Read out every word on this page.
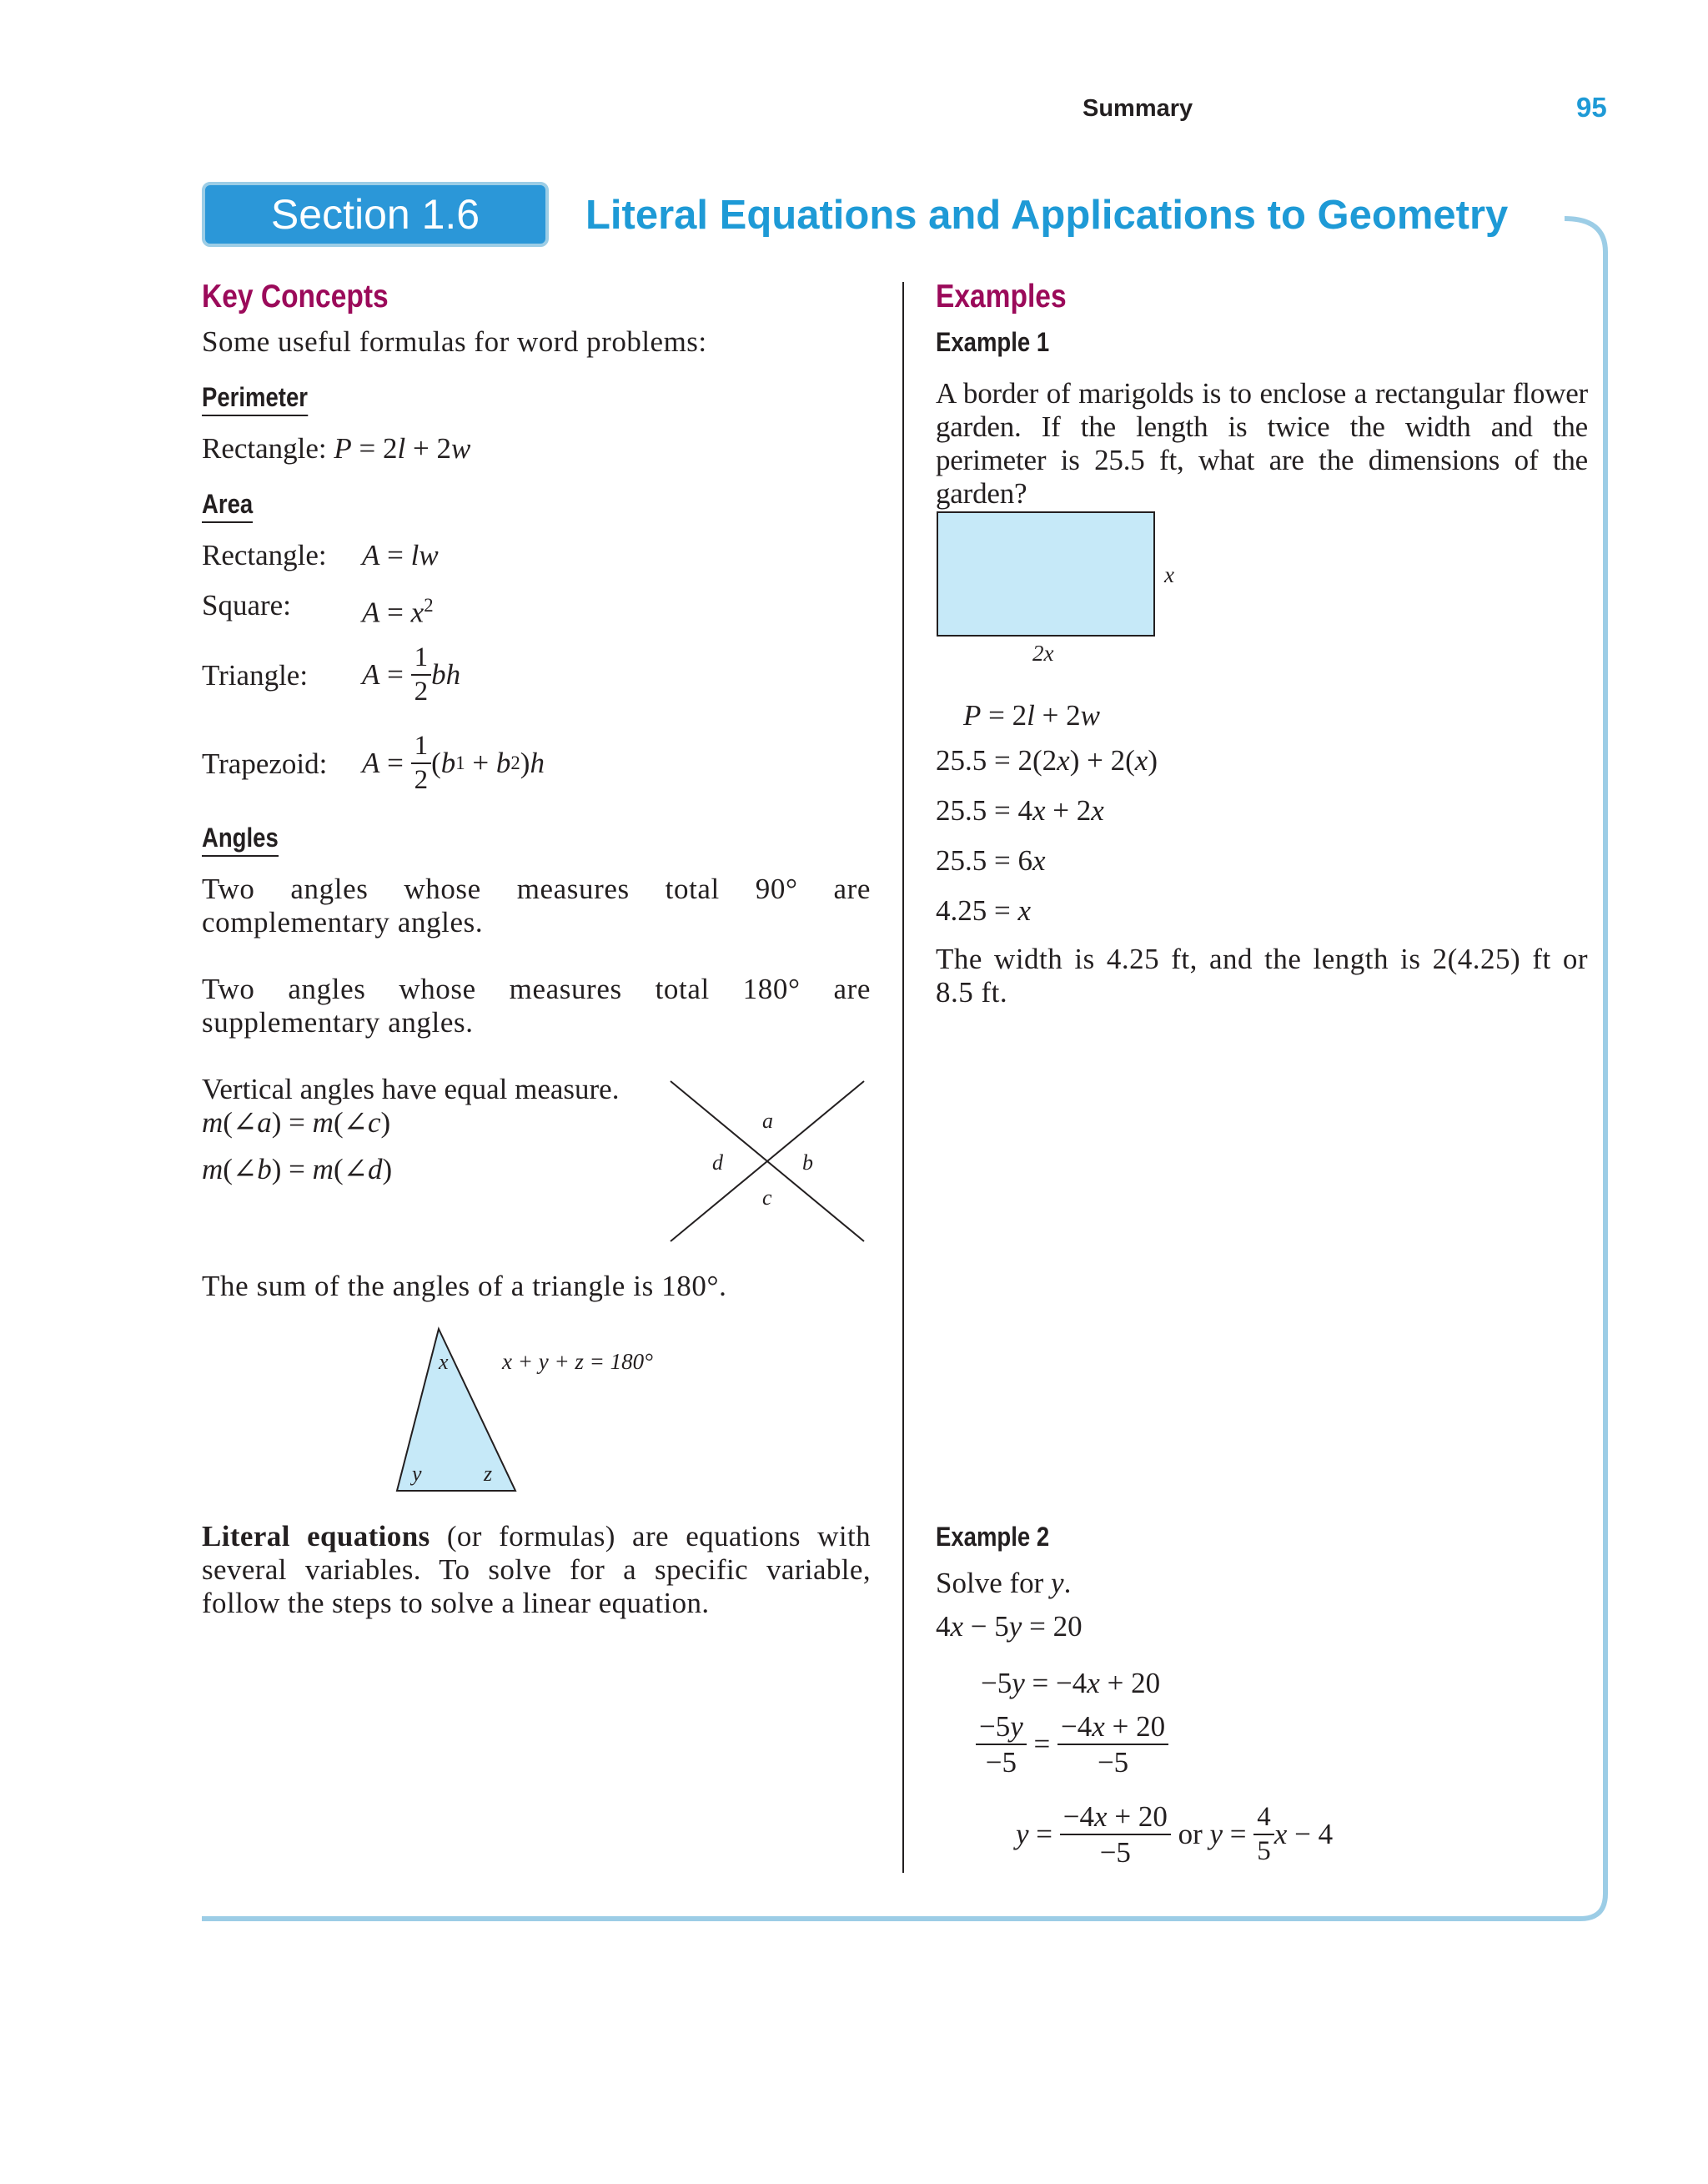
Summary	95
Section 1.6	Literal Equations and Applications to Geometry
Key Concepts
Some useful formulas for word problems:
Perimeter
Rectangle: P = 2l + 2w
Area
Rectangle: A = lw
Square: $A = x^2$
Triangle: $A = \frac{1}{2}$ bh
Trapezoid: $A = \frac{1}{2}$ ( b 1 + b 2 ) h
Angles
Two angles whose measures total 90° are complementary angles.
Two angles whose measures total 180° are supplementary angles.
Vertical angles have equal measure.
m(∠a) = m(∠c)
m(∠b) = m(∠d)
a
b
c
d
The sum of the angles of a triangle is 180°.
x
y	z
x + y + z = 180°
Literal equations (or formulas) are equations with several variables. To solve for a specific variable, follow the steps to solve a linear equation.
Examples
Example 1
A border of marigolds is to enclose a rectangular flower garden. If the length is twice the width and the perimeter is 25.5 ft, what are the dimensions of the garden?
x
2x
P = 2l + 2w
25.5 = 2(2x) + 2(x)
25.5 = 4x + 2x
25.5 = 6x
4.25 = x
The width is 4.25 ft, and the length is 2(4.25) ft or 8.5 ft.
Example 2
Solve for y.
4x − 5y = 20
−5y = −4x + 20
$\frac{-5y}{-5} = \frac{-4x + 20}{-5}$
$y = \frac{-4x + 20}{-5}$
or
$y = \frac{4}{5}$ x − 4
